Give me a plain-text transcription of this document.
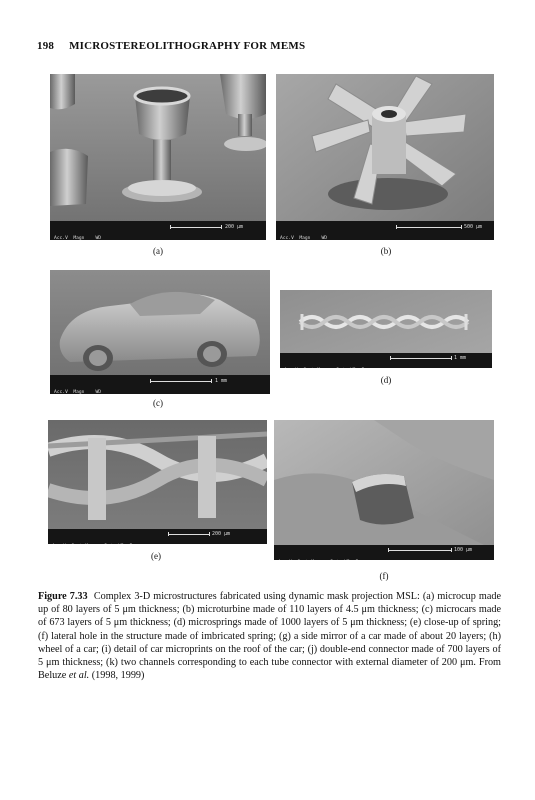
198 MICROSTEREOLITHOGRAPHY FOR MEMS

Acc.V  Magn    WD

200 μm
(a)

Acc.V  Magn    WD

500 μm
(b)

Acc.V  Magn    WD

1 mm
(c)

1 mm
(d)

200 μm
(e)

100 μm
(f)
Figure 7.33 Complex 3-D microstructures fabricated using dynamic mask projection MSL: (a) microcup made up of 80 layers of 5 μm thickness; (b) microturbine made of 110 layers of 4.5 μm thickness; (c) microcars made of 673 layers of 5 μm thickness; (d) microsprings made of 1000 layers of 5 μm thickness; (e) close-up of spring; (f) lateral hole in the structure made of imbricated spring; (g) a side mirror of a car made of about 20 layers; (h) wheel of a car; (i) detail of car microprints on the roof of the car; (j) double-end connector made of 700 layers of 5 μm thickness; (k) two channels corresponding to each tube connector with external diameter of 200 μm. From Beluze et al. (1998, 1999)
